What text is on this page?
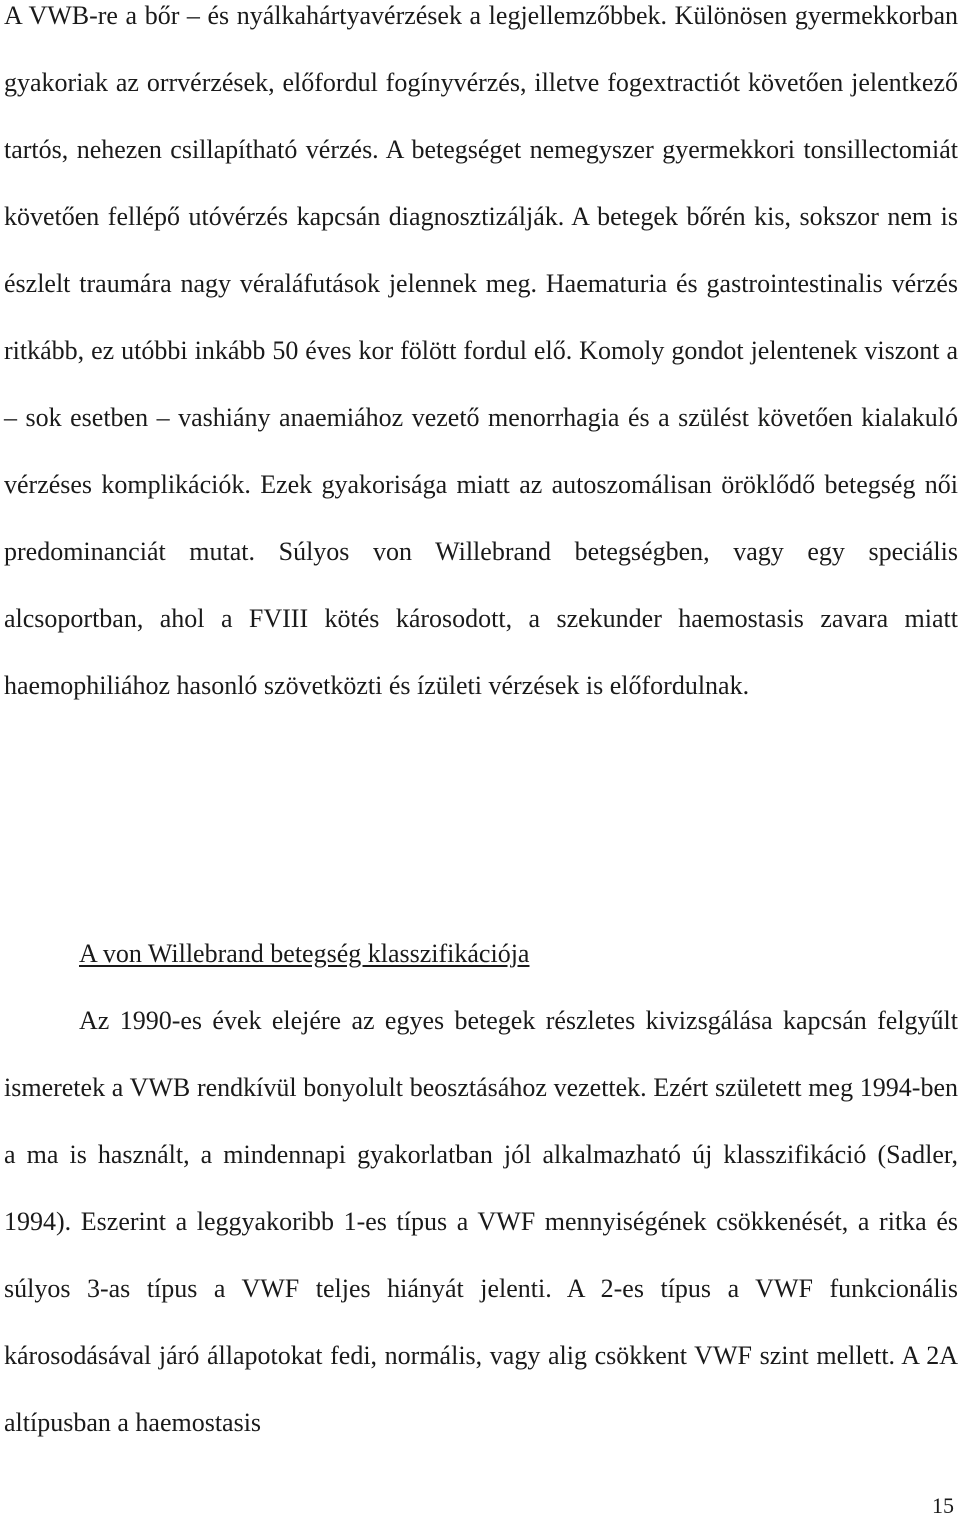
A VWB-re a bőr – és nyálkahártyavérzések a legjellemzőbbek. Különösen gyermekkorban gyakoriak az orrvérzések, előfordul fogínyvérzés, illetve fogextractiót követően jelentkező tartós, nehezen csillapítható vérzés. A betegséget nemegyszer gyermekkori tonsillectomiát követően fellépő utóvérzés kapcsán diagnosztizálják. A betegek bőrén kis, sokszor nem is észlelt traumára nagy véraláfutások jelennek meg. Haematuria és gastrointestinalis vérzés ritkább, ez utóbbi inkább 50 éves kor fölött fordul elő. Komoly gondot jelentenek viszont a – sok esetben – vashiány anaemiához vezető menorrhagia és a szülést követően kialakuló vérzéses komplikációk. Ezek gyakorisága miatt az autoszomálisan öröklődő betegség női predominanciát mutat. Súlyos von Willebrand betegségben, vagy egy speciális alcsoportban, ahol a FVIII kötés károsodott, a szekunder haemostasis zavara miatt haemophiliához hasonló szövetközti és ízületi vérzések is előfordulnak.

A von Willebrand betegség klasszifikációja

Az 1990-es évek elejére az egyes betegek részletes kivizsgálása kapcsán felgyűlt ismeretek a VWB rendkívül bonyolult beosztásához vezettek. Ezért született meg 1994-ben a ma is használt, a mindennapi gyakorlatban jól alkalmazható új klasszifikáció (Sadler, 1994). Eszerint a leggyakoribb 1-es típus a VWF mennyiségének csökkenését, a ritka és súlyos 3-as típus a VWF teljes hiányát jelenti. A 2-es típus a VWF funkcionális károsodásával járó állapotokat fedi, normális, vagy alig csökkent VWF szint mellett. A 2A altípusban a haemostasis

15
